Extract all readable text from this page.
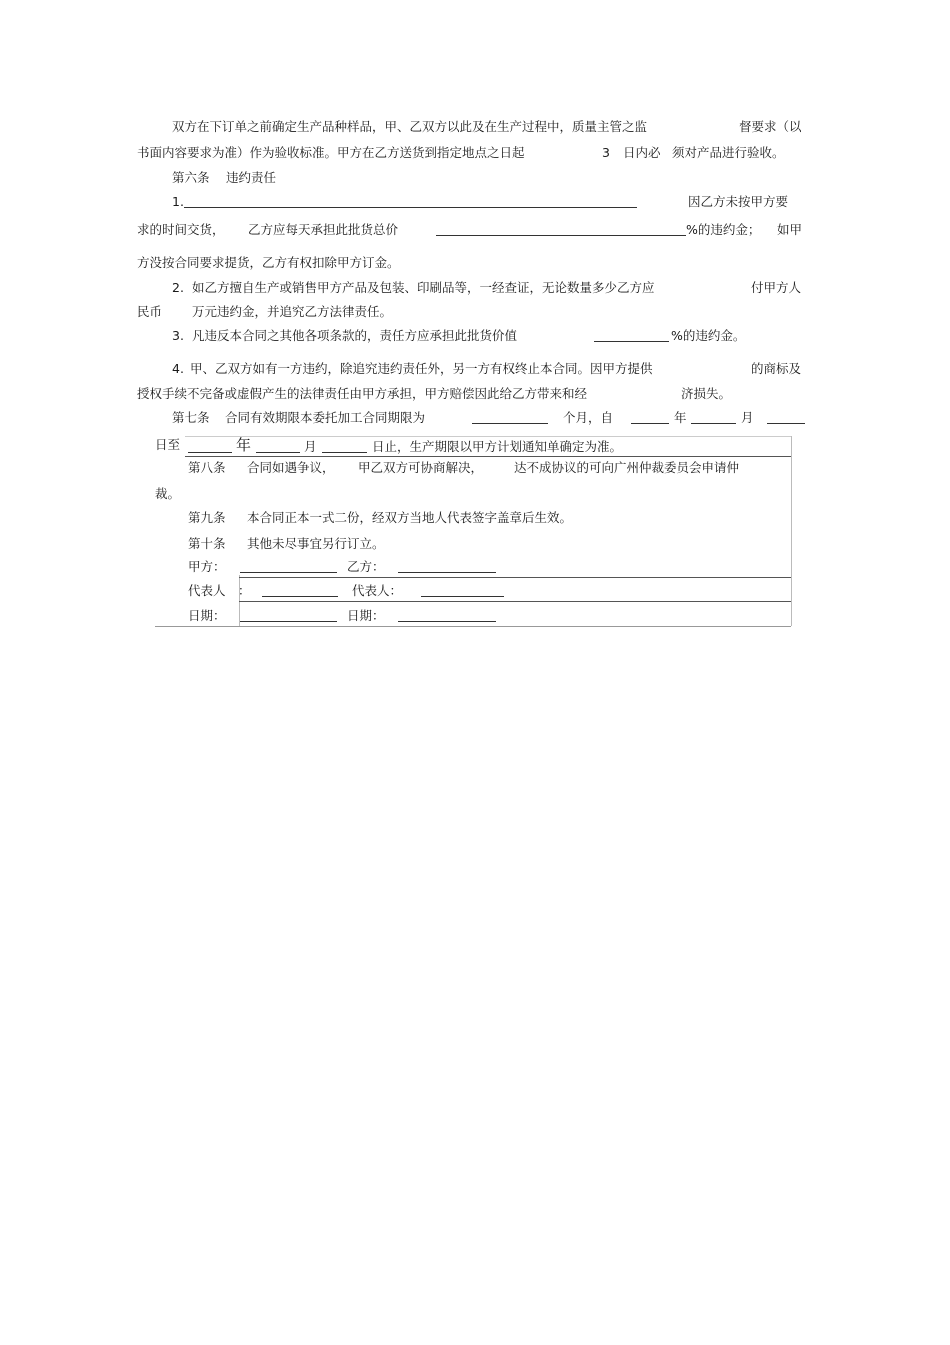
双方在下订单之前确定生产品种样品，甲、乙双方以此及在生产过程中，质量主管之监	督要求（以
书面内容要求为准）作为验收标准。甲方在乙方送货到指定地点之日起	3 日内必 须对产品进行验收。
第六条 违约责任
1.	因乙方未按甲方要
求的时间交货， 乙方应每天承担此批货总价	%的违约金； 如甲
方没按合同要求提货，乙方有权扣除甲方订金。
2. 如乙方擅自生产或销售甲方产品及包装、印刷品等，一经查证，无论数量多少乙方应	付甲方人
民币 万元违约金，并追究乙方法律责任。
3. 凡违反本合同之其他各项条款的，责任方应承担此批货价值	%的违约金。
4. 甲、乙双方如有一方违约，除追究违约责任外，另一方有权终止本合同。因甲方提供	的商标及
授权手续不完备或虚假产生的法律责任由甲方承担，甲方赔偿因此给乙方带来和经	济损失。
第七条 合同有效期限本委托加工合同期限为	个月，自	年	月
日至	年	月	日止，生产期限以甲方计划通知单确定为准。
第八条 合同如遇争议， 甲乙双方可协商解决， 达不成协议的可向广州仲裁委员会申请仲
裁。
第九条 本合同正本一式二份，经双方当地人代表签字盖章后生效。
第十条 其他未尽事宜另行订立。
甲方：	乙方：
代表人 ：	代表人：
日期：	日期：
